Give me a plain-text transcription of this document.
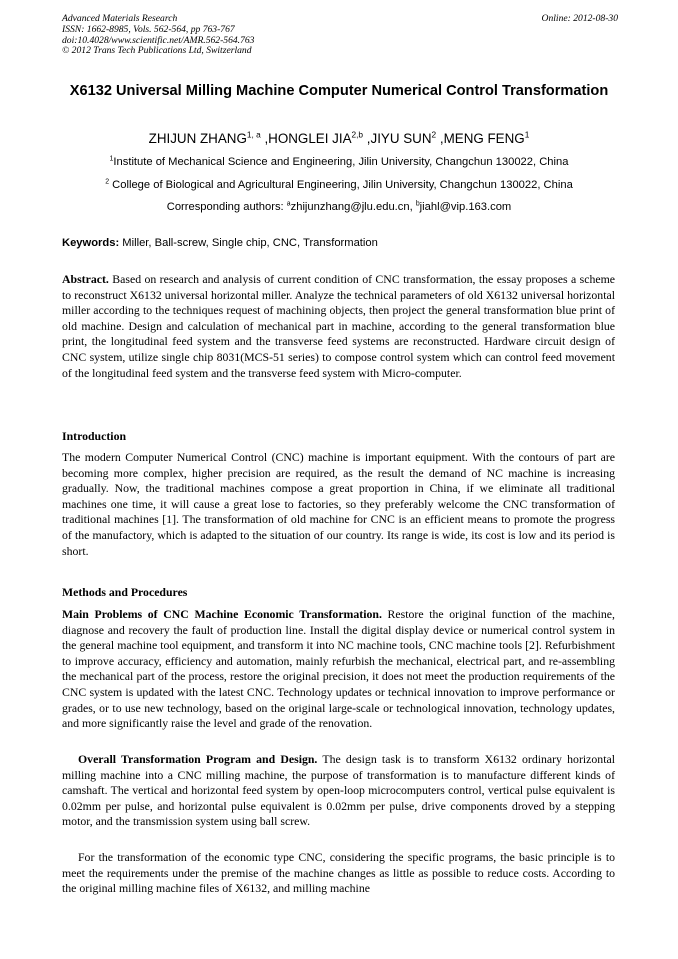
Advanced Materials Research
ISSN: 1662-8985, Vols. 562-564, pp 763-767
doi:10.4028/www.scientific.net/AMR.562-564.763
© 2012 Trans Tech Publications Ltd, Switzerland
Online: 2012-08-30
X6132 Universal Milling Machine Computer Numerical Control Transformation
ZHIJUN ZHANG$^{1, a}$ ,HONGLEI JIA$^{2,b}$ ,JIYU SUN$^2$ ,MENG FENG$^1$
$^1$Institute of Mechanical Science and Engineering, Jilin University, Changchun 130022, China
$^2$ College of Biological and Agricultural Engineering, Jilin University, Changchun 130022, China
Corresponding authors: $^a$zhijunzhang@jlu.edu.cn, $^b$jiahl@vip.163.com
Keywords: Miller, Ball-screw, Single chip, CNC, Transformation
Abstract. Based on research and analysis of current condition of CNC transformation, the essay proposes a scheme to reconstruct X6132 universal horizontal miller. Analyze the technical parameters of old X6132 universal horizontal miller according to the techniques request of machining objects, then project the general transformation blue print of old machine. Design and calculation of mechanical part in machine, according to the general transformation blue print, the longitudinal feed system and the transverse feed systems are reconstructed. Hardware circuit design of CNC system, utilize single chip 8031(MCS-51 series) to compose control system which can control feed movement of the longitudinal feed system and the transverse feed system with Micro-computer.
Introduction
The modern Computer Numerical Control (CNC) machine is important equipment. With the contours of part are becoming more complex, higher precision are required, as the result the demand of NC machine is increasing gradually. Now, the traditional machines compose a great proportion in China, if we eliminate all traditional machines one time, it will cause a great lose to factories, so they preferably welcome the CNC transformation of traditional machines [1]. The transformation of old machine for CNC is an efficient means to promote the progress of the manufactory, which is adapted to the situation of our country. Its range is wide, its cost is low and its period is short.
Methods and Procedures
Main Problems of CNC Machine Economic Transformation. Restore the original function of the machine, diagnose and recovery the fault of production line. Install the digital display device or numerical control system in the general machine tool equipment, and transform it into NC machine tools, CNC machine tools [2]. Refurbishment to improve accuracy, efficiency and automation, mainly refurbish the mechanical, electrical part, and re-assembling the mechanical part of the process, restore the original precision, it does not meet the production requirements of the CNC system is updated with the latest CNC. Technology updates or technical innovation to improve performance or grades, or to use new technology, based on the original large-scale or technological innovation, technology updates, and more significantly raise the level and grade of the renovation.
Overall Transformation Program and Design. The design task is to transform X6132 ordinary horizontal milling machine into a CNC milling machine, the purpose of transformation is to manufacture different kinds of camshaft. The vertical and horizontal feed system by open-loop microcomputers control, vertical pulse equivalent is 0.02mm per pulse, and horizontal pulse equivalent is 0.02mm per pulse, drive components droved by a stepping motor, and the transmission system using ball screw.
For the transformation of the economic type CNC, considering the specific programs, the basic principle is to meet the requirements under the premise of the machine changes as little as possible to reduce costs. According to the original milling machine files of X6132, and milling machine
